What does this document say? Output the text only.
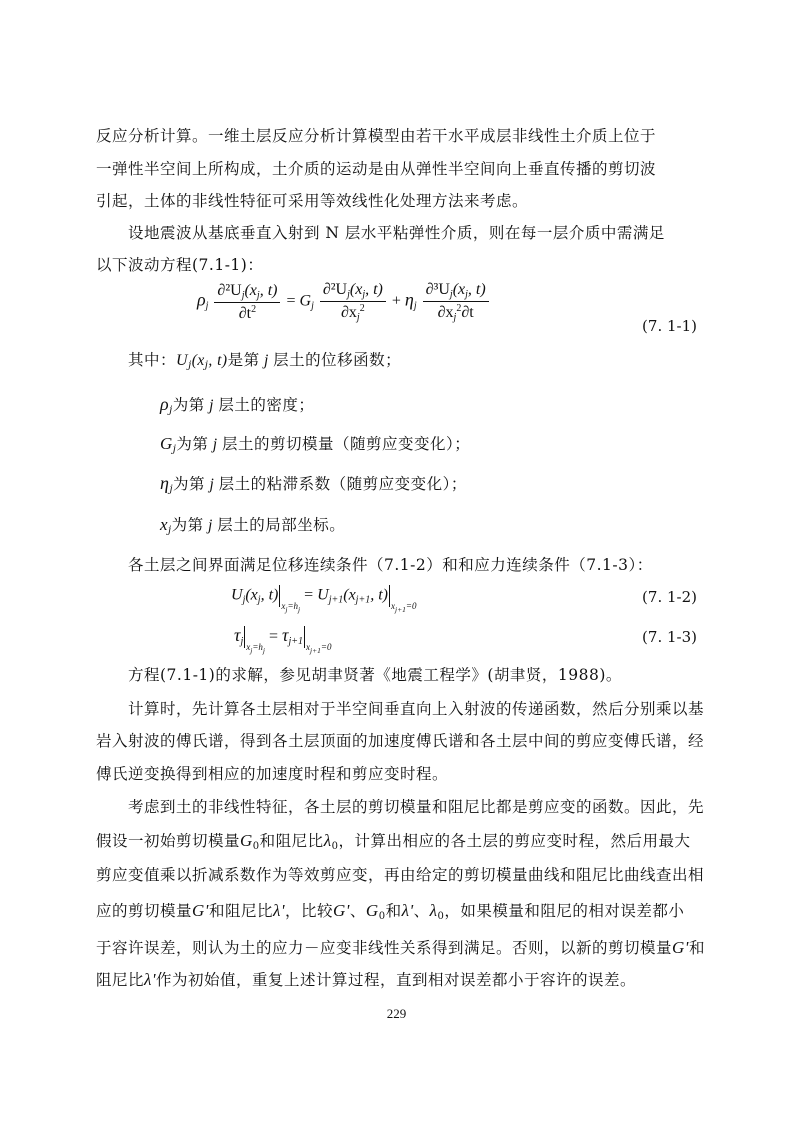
反应分析计算。一维土层反应分析计算模型由若干水平成层非线性土介质上位于
一弹性半空间上所构成，土介质的运动是由从弹性半空间向上垂直传播的剪切波
引起，土体的非线性特征可采用等效线性化处理方法来考虑。
设地震波从基底垂直入射到 N 层水平粘弹性介质，则在每一层介质中需满足
以下波动方程(7.1-1)：
$\rho_j \frac{\partial^2U_j(x_j, t)}{\partial t^2} = G_j \frac{\partial^2U_j(x_j, t)}{\partial x_j^2} + \eta_j \frac{\partial^3U_j(x_j, t)}{\partial x_j^2\partial t}$
(7. 1-1)
其中：$U_j(x_j$, t)是第 j 层土的位移函数；
$\rho_j$为第 j 层土的密度；
$G_j$为第 j 层土的剪切模量（随剪应变变化）；
$\eta_j$为第 j 层土的粘滞系数（随剪应变变化）；
$x_j$为第 j 层土的局部坐标。
各土层之间界面满足位移连续条件（7.1-2）和和应力连续条件（7.1-3）：
$U_j(x_j$, $t)_{x_j=h_j} = U_{j+1}(x_{j+1}$, $t)_{x_{j+1}=0}$	(7. 1-2)
$\tau_j$ $_{x_j=h_j} = \tau_{j+1}$ $_{x_{j+1}=0}$
(7. 1-3)
方程(7.1-1)的求解，参见胡聿贤著《地震工程学》(胡聿贤，1988)。
计算时，先计算各土层相对于半空间垂直向上入射波的传递函数，然后分别乘以基
岩入射波的傅氏谱，得到各土层顶面的加速度傅氏谱和各土层中间的剪应变傅氏谱，经
傅氏逆变换得到相应的加速度时程和剪应变时程。
考虑到土的非线性特征，各土层的剪切模量和阻尼比都是剪应变的函数。因此，先
假设一初始剪切模量$G_0$和阻尼比$\lambda_0$，计算出相应的各土层的剪应变时程，然后用最大
剪应变值乘以折减系数作为等效剪应变，再由给定的剪切模量曲线和阻尼比曲线查出相
应的剪切模量G'和阻尼比λ'，比较G'、$G_0$和λ'、$\lambda_0$，如果模量和阻尼的相对误差都小
于容许误差，则认为土的应力－应变非线性关系得到满足。否则，以新的剪切模量G'和
阻尼比λ'作为初始值，重复上述计算过程，直到相对误差都小于容许的误差。
229
